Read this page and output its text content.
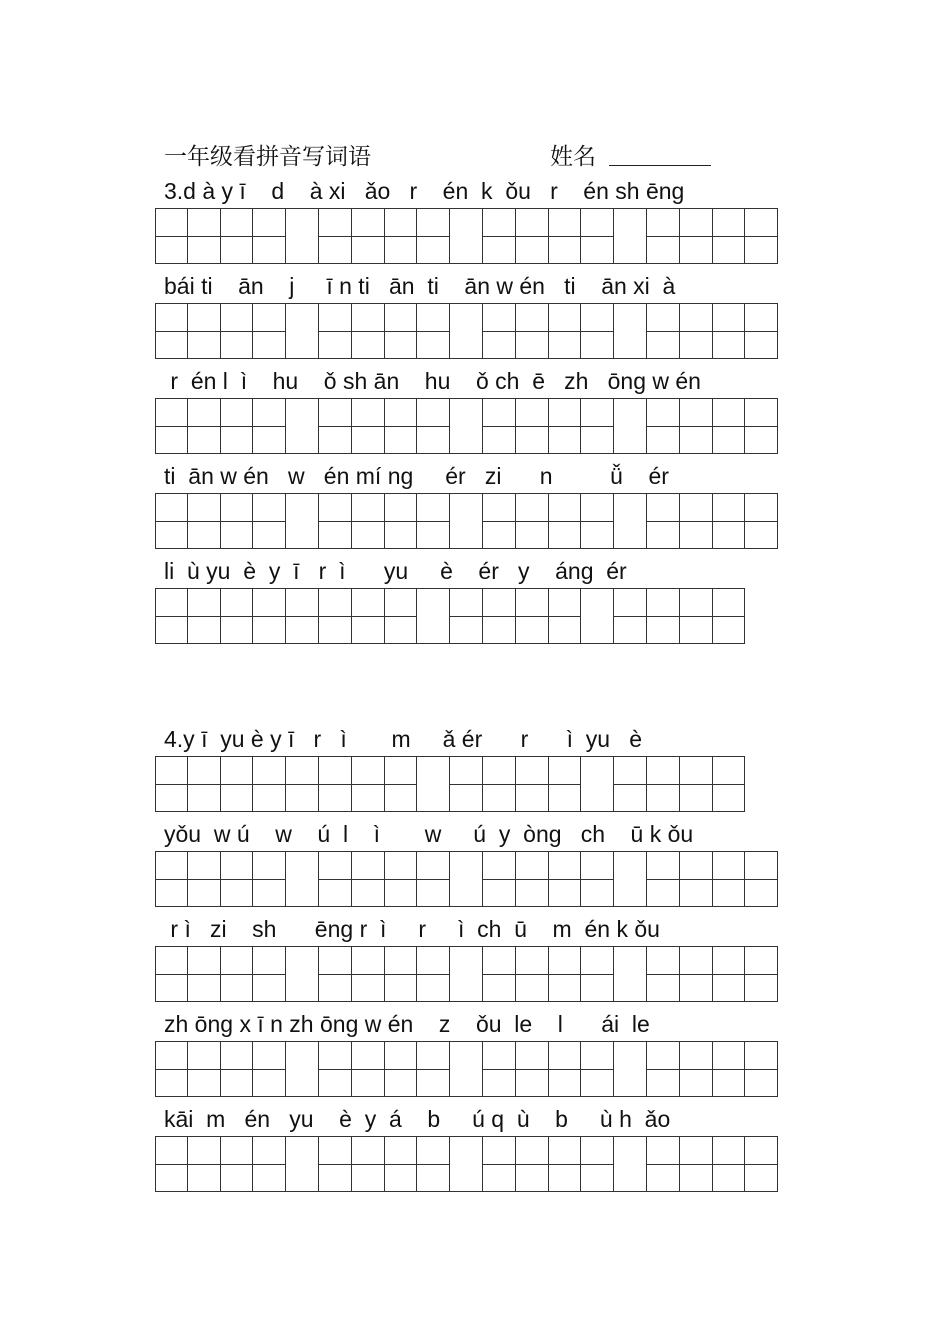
一年级看拼音写词语	姓名
3.d à y ī    d    à xi   ǎo   r    én  k  ǒu   r    én sh ēng
bái ti    ān    j     ī n ti   ān  ti    ān w én   ti    ān xi  à
r  én l  ì    hu    ǒ sh ān    hu    ǒ ch  ē   zh   ōng w én
ti  ān w én   w   én mí ng     ér   zi      n         ǚ    ér
li  ù yu  è  y  ī   r  ì      yu     è    ér   y    áng  ér
4.y ī  yu è y ī   r   ì       m     ǎ ér      r      ì  yu   è
yǒu  w ú    w    ú  l    ì       w     ú  y  òng   ch    ū k ǒu
r ì   zi    sh      ēng r  ì     r     ì  ch  ū    m  én k ǒu
zh ōng x ī n zh ōng w én    z    ǒu  le    l      ái  le
kāi  m   én   yu    è  y  á    b     ú q  ù    b     ù h  ǎo
